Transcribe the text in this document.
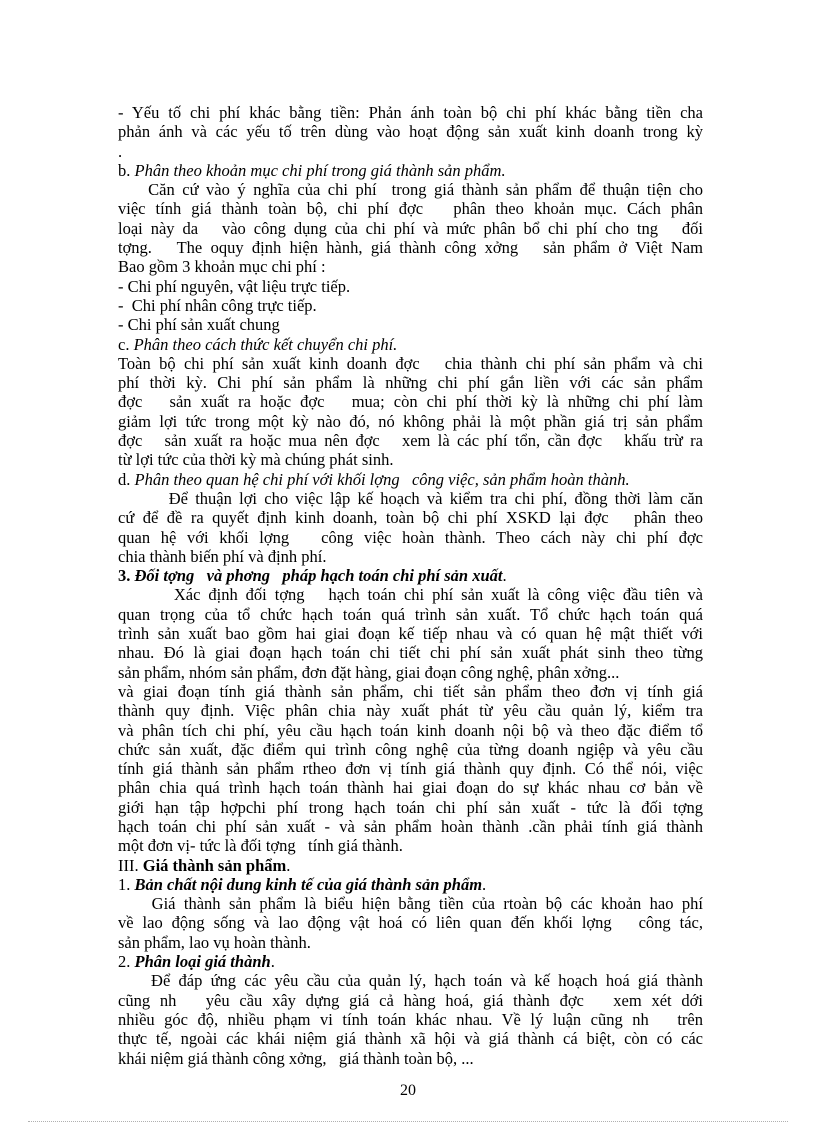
- Yếu tố chi phí khác bằng tiền: Phản ánh toàn bộ chi phí khác bằng tiền cha
phản ánh và các yếu tố trên dùng vào hoạt động sản xuất kinh doanh trong kỳ
.
b. Phân theo khoản mục chi phí trong giá thành sản phẩm.
Căn cứ vào ý nghĩa của chi phí  trong giá thành sản phẩm để thuận tiện cho
việc tính giá thành toàn bộ, chi phí đợc   phân theo khoản mục. Cách phân
loại này da   vào công dụng của chi phí và mức phân bổ chi phí cho tng   đối
tợng.   The oquy định hiện hành, giá thành công xởng   sản phẩm ở Việt Nam
Bao gồm 3 khoản mục chi phí :
- Chi phí nguyên, vật liệu trực tiếp.
-  Chi phí nhân công trực tiếp.
- Chi phí sản xuất chung
c. Phân theo cách thức kết chuyển chi phí.
Toàn bộ chi phí sản xuất kinh doanh đợc   chia thành chi phí sản phẩm và chi
phí thời kỳ. Chi phí sản phẩm là những chi phí gắn liền với các sản phẩm
đợc   sản xuất ra hoặc đợc   mua; còn chi phí thời kỳ là những chi phí làm
giảm lợi tức trong một kỳ nào đó, nó không phải là một phần giá trị sản phẩm
đợc   sản xuất ra hoặc mua nên đợc   xem là các phí tổn, cần đợc   khấu trừ ra
từ lợi tức của thời kỳ mà chúng phát sinh.
d. Phân theo quan hệ chi phí với khối lợng   công việc, sản phẩm hoàn thành.
Để thuận lợi cho việc lập kế hoạch và kiểm tra chi phí, đồng thời làm căn
cứ để đề ra quyết định kinh doanh, toàn bộ chi phí XSKD lại đợc   phân theo
quan hệ với khối lợng   công việc hoàn thành. Theo cách này chi phí đợc
chia thành biến phí và định phí.
3. Đối tợng   và phơng   pháp hạch toán chi phí sản xuất.
Xác định đối tợng   hạch toán chi phí sản xuất là công việc đầu tiên và
quan trọng của tổ chức hạch toán quá trình sản xuất. Tổ chức hạch toán quá
trình sản xuất bao gồm hai giai đoạn kế tiếp nhau và có quan hệ mật thiết với
nhau. Đó là giai đoạn hạch toán chi tiết chi phí sản xuất phát sinh theo từng
sản phẩm, nhóm sản phẩm, đơn đặt hàng, giai đoạn công nghệ, phân xởng...
và giai đoạn tính giá thành sản phẩm, chi tiết sản phẩm theo đơn vị tính giá
thành quy định. Việc phân chia này xuất phát từ yêu cầu quản lý, kiểm tra
và phân tích chi phí, yêu cầu hạch toán kinh doanh nội bộ và theo đặc điểm tổ
chức sản xuất, đặc điểm qui trình công nghệ của từng doanh ngiệp và yêu cầu
tính giá thành sản phẩm rtheo đơn vị tính giá thành quy định. Có thể nói, việc
phân chia quá trình hạch toán thành hai giai đoạn do sự khác nhau cơ bản về
giới hạn tập hợpchi phí trong hạch toán chi phí sản xuất - tức là đối tợng
hạch toán chi phí sản xuất - và sản phẩm hoàn thành .cần phải tính giá thành
một đơn vị- tức là đối tợng   tính giá thành.
III. Giá thành sản phẩm.
1. Bản chất nội dung kinh tế của giá thành sản phẩm.
Giá thành sản phẩm là biểu hiện bằng tiền của rtoàn bộ các khoản hao phí
về lao động sống và lao động vật hoá có liên quan đến khối lợng   công tác,
sản phẩm, lao vụ hoàn thành.
2. Phân loại giá thành.
Để đáp ứng các yêu cầu của quản lý, hạch toán và kế hoạch hoá giá thành
cũng nh   yêu cầu xây dựng giá cả hàng hoá, giá thành đợc   xem xét dới
nhiều góc độ, nhiều phạm vi tính toán khác nhau. Về lý luận cũng nh   trên
thực tế, ngoài các khái niệm giá thành xã hội và giá thành cá biệt, còn có các
khái niệm giá thành công xởng,   giá thành toàn bộ, ...
20
